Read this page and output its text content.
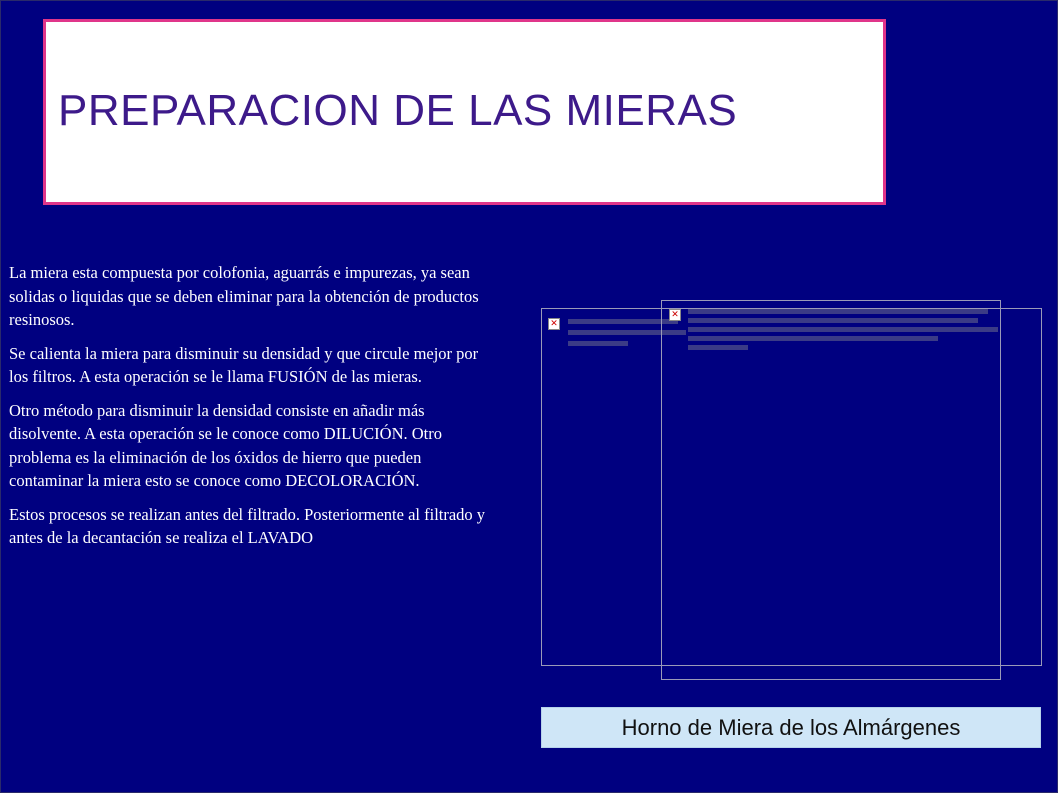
PREPARACION DE LAS MIERAS

La miera esta compuesta por colofonia, aguarrás e impurezas, ya sean solidas o liquidas que se deben eliminar para la obtención de productos resinosos.

Se calienta la miera para disminuir su densidad y que circule mejor por los filtros. A esta operación se le llama FUSIÓN de las mieras.

Otro método para disminuir la densidad consiste en añadir más disolvente. A esta operación se le conoce como DILUCIÓN. Otro problema es la eliminación de los óxidos de hierro que pueden contaminar la miera esto se conoce como DECOLORACIÓN.

Estos procesos se realizan antes del filtrado. Posteriormente al filtrado y antes de la decantación se realiza el LAVADO

✕
✕
Horno de Miera de los Almárgenes
